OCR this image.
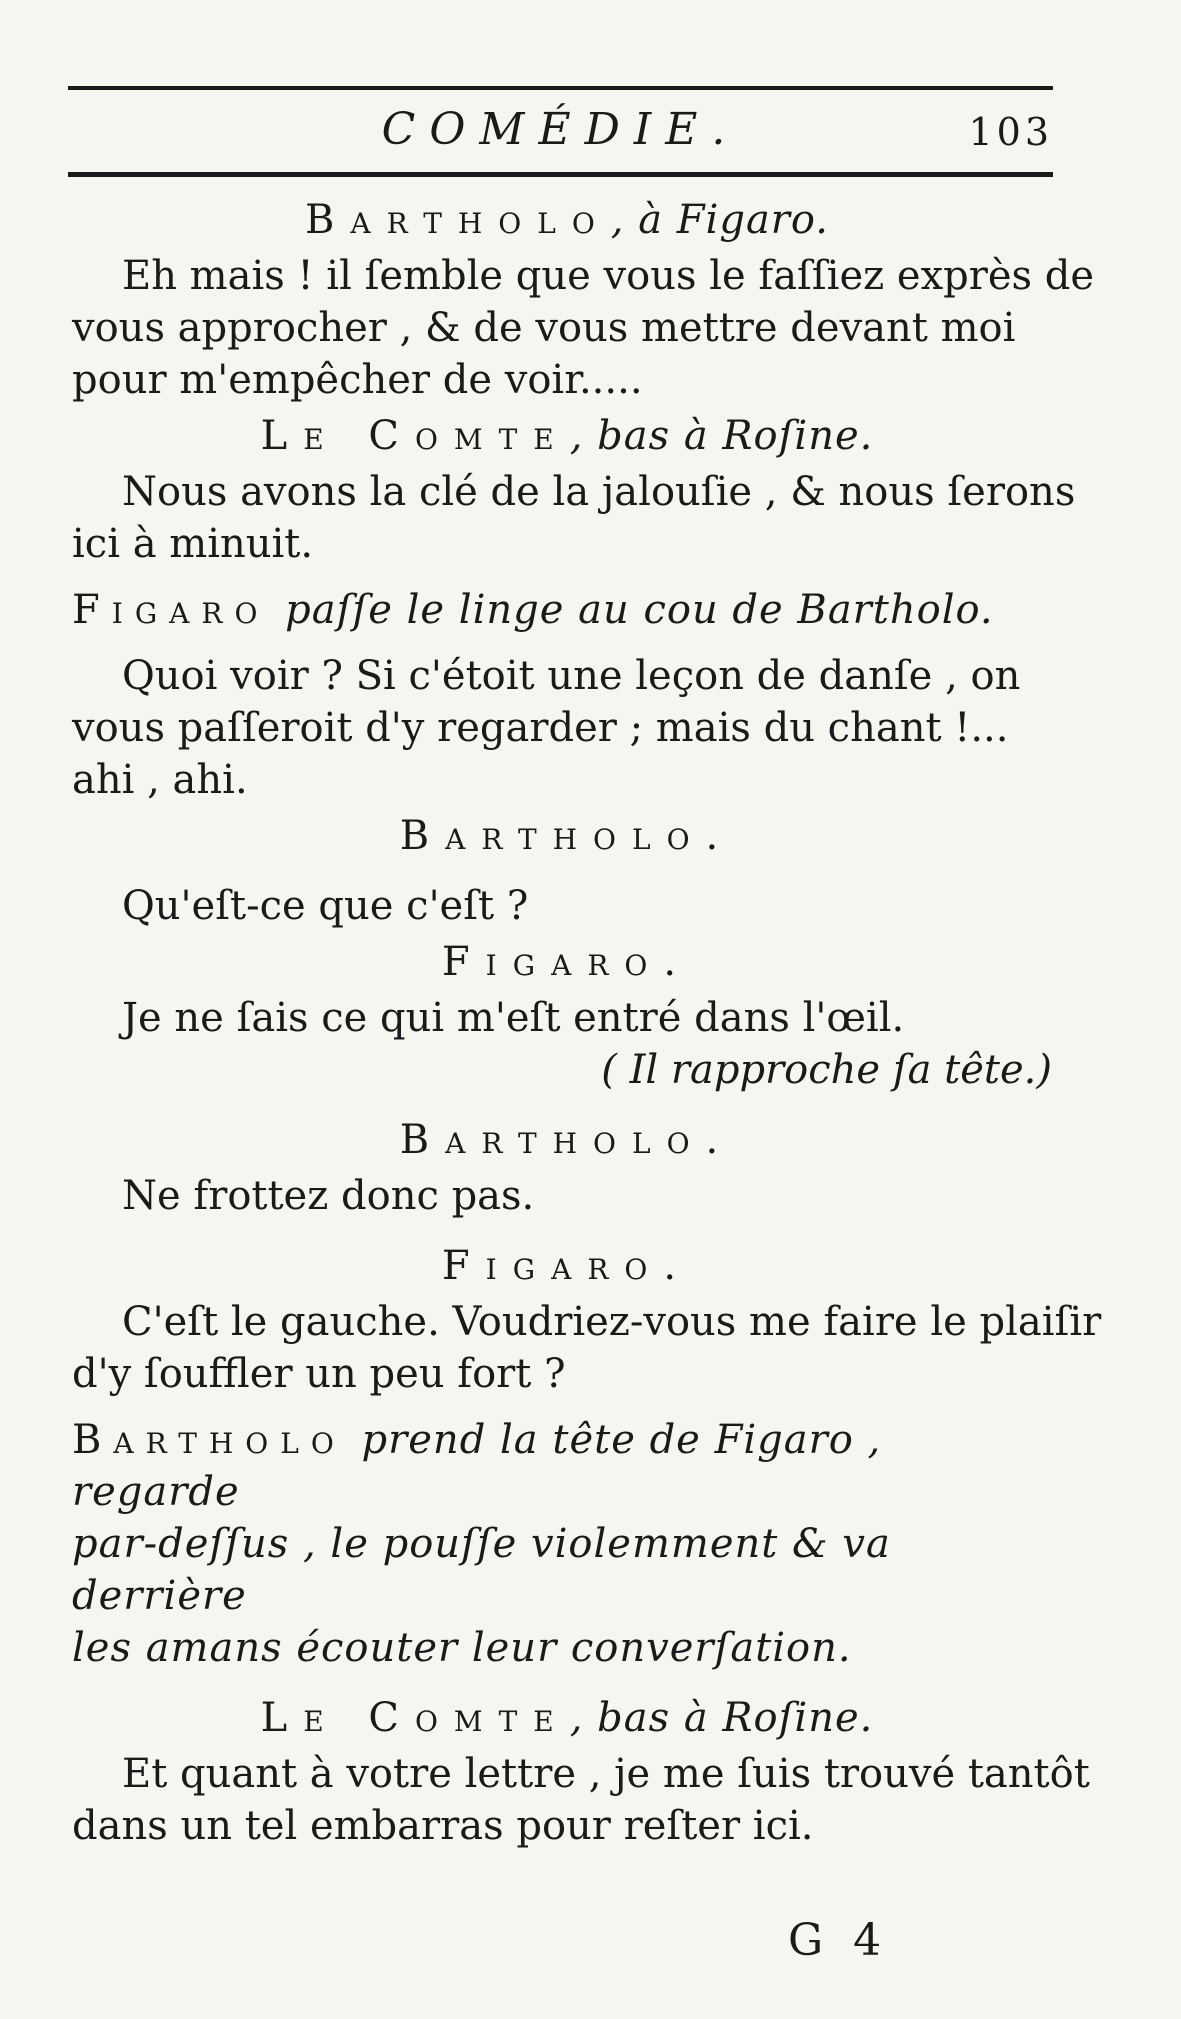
COMÉDIE.	103
Bartholo, à Figaro.
Eh mais ! il ſemble que vous le faſſiez exprès de
vous approcher , & de vous mettre devant moi
pour m'empêcher de voir.....
Le Comte, bas à Roſine.
Nous avons la clé de la jalouſie , & nous ſerons
ici à minuit.
Figaro paſſe le linge au cou de Bartholo.
Quoi voir ? Si c'étoit une leçon de danſe , on
vous paſſeroit d'y regarder ; mais du chant !...
ahi , ahi.
Bartholo.
Qu'eſt-ce que c'eſt ?
Figaro.
Je ne ſais ce qui m'eſt entré dans l'œil.
( Il rapproche ſa tête.)
Bartholo.
Ne frottez donc pas.
Figaro.
C'eſt le gauche. Voudriez-vous me faire le plaiſir
d'y ſouffler un peu fort ?
Bartholo prend la tête de Figaro , regarde
par-deſſus , le pouſſe violemment & va derrière
les amans écouter leur converſation.
Le Comte, bas à Roſine.
Et quant à votre lettre , je me ſuis trouvé tantôt
dans un tel embarras pour reſter ici.
G 4
